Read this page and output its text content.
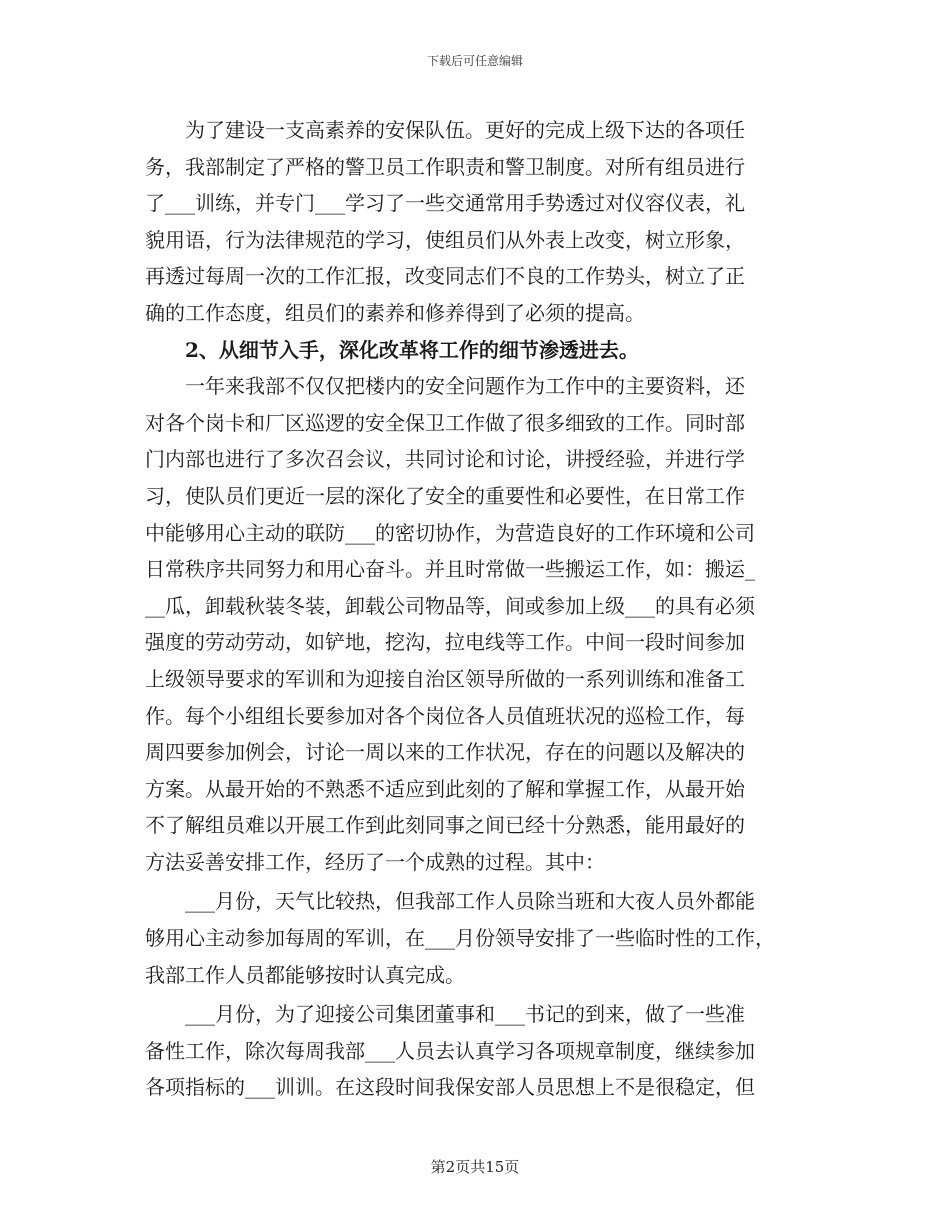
下载后可任意编辑
　　为了建设一支高素养的安保队伍。更好的完成上级下达的各项任
务，我部制定了严格的警卫员工作职责和警卫制度。对所有组员进行
了___训练，并专门___学习了一些交通常用手势透过对仪容仪表，礼
貌用语，行为法律规范的学习，使组员们从外表上改变，树立形象，
再透过每周一次的工作汇报，改变同志们不良的工作势头，树立了正
确的工作态度，组员们的素养和修养得到了必须的提高。
　　2、从细节入手，深化改革将工作的细节渗透进去。
　　一年来我部不仅仅把楼内的安全问题作为工作中的主要资料，还
对各个岗卡和厂区巡逻的安全保卫工作做了很多细致的工作。同时部
门内部也进行了多次召会议，共同讨论和讨论，讲授经验，并进行学
习，使队员们更近一层的深化了安全的重要性和必要性，在日常工作
中能够用心主动的联防___的密切协作，为营造良好的工作环境和公司
日常秩序共同努力和用心奋斗。并且时常做一些搬运工作，如：搬运_
__瓜，卸载秋装冬装，卸载公司物品等，间或参加上级___的具有必须
强度的劳动劳动，如铲地，挖沟，拉电线等工作。中间一段时间参加
上级领导要求的军训和为迎接自治区领导所做的一系列训练和准备工
作。每个小组组长要参加对各个岗位各人员值班状况的巡检工作，每
周四要参加例会，讨论一周以来的工作状况，存在的问题以及解决的
方案。从最开始的不熟悉不适应到此刻的了解和掌握工作，从最开始
不了解组员难以开展工作到此刻同事之间已经十分熟悉，能用最好的
方法妥善安排工作，经历了一个成熟的过程。其中：
　　___月份，天气比较热，但我部工作人员除当班和大夜人员外都能
够用心主动参加每周的军训，在___月份领导安排了一些临时性的工作，
我部工作人员都能够按时认真完成。
　　___月份，为了迎接公司集团董事和___书记的到来，做了一些准
备性工作，除次每周我部___人员去认真学习各项规章制度，继续参加
各项指标的___训训。在这段时间我保安部人员思想上不是很稳定，但
第2页共15页
